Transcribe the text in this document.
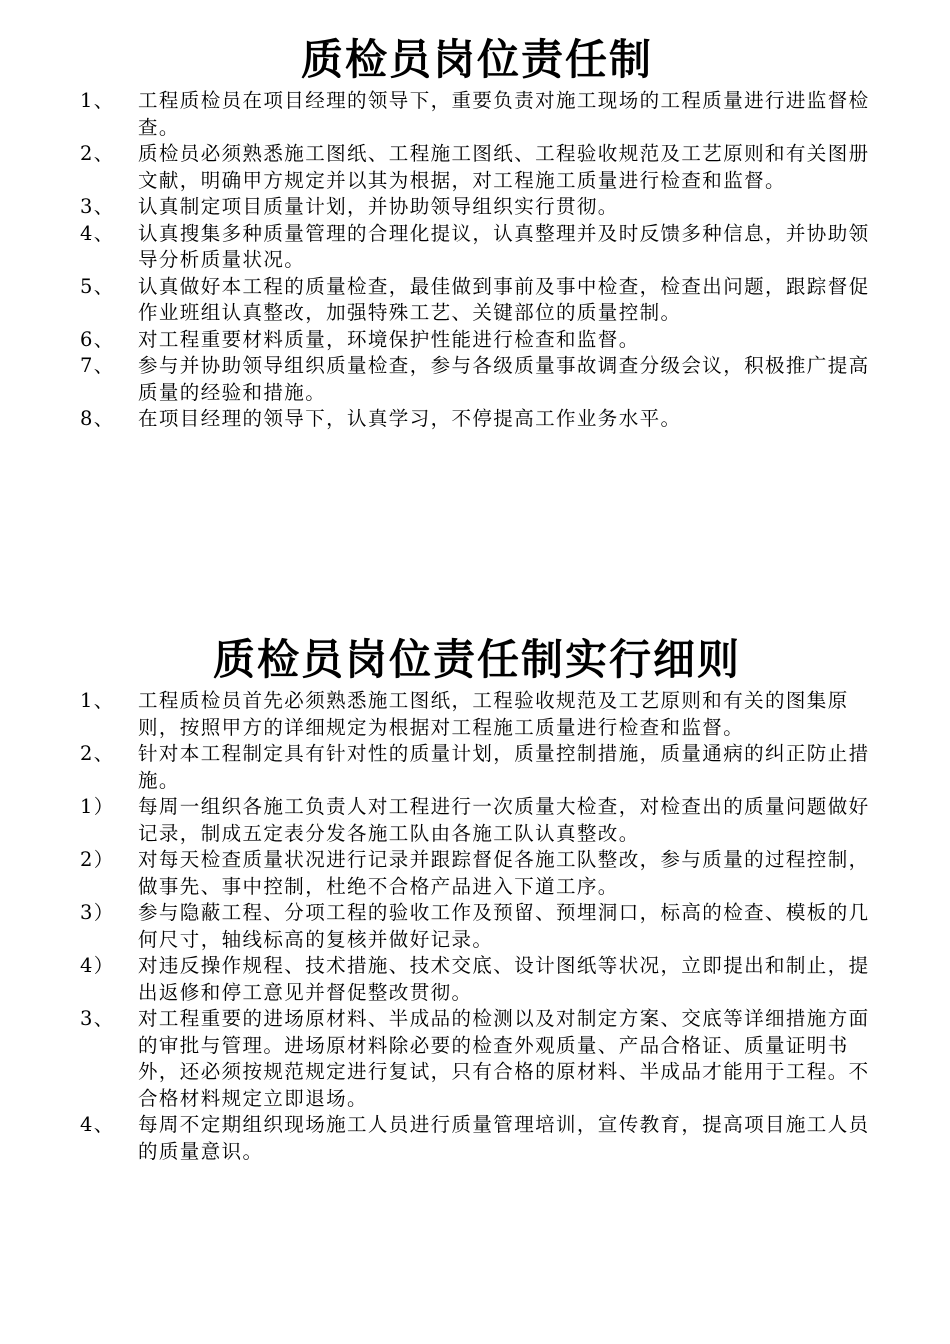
质检员岗位责任制
1、	工程质检员在项目经理的领导下，重要负责对施工现场的工程质量进行进监督检查。
2、	质检员必须熟悉施工图纸、工程施工图纸、工程验收规范及工艺原则和有关图册文献，明确甲方规定并以其为根据，对工程施工质量进行检查和监督。
3、	认真制定项目质量计划，并协助领导组织实行贯彻。
4、	认真搜集多种质量管理的合理化提议，认真整理并及时反馈多种信息，并协助领导分析质量状况。
5、	认真做好本工程的质量检查，最佳做到事前及事中检查，检查出问题，跟踪督促作业班组认真整改，加强特殊工艺、关键部位的质量控制。
6、	对工程重要材料质量，环境保护性能进行检查和监督。
7、	参与并协助领导组织质量检查，参与各级质量事故调查分级会议，积极推广提高质量的经验和措施。
8、	在项目经理的领导下，认真学习，不停提高工作业务水平。
质检员岗位责任制实行细则
1、	工程质检员首先必须熟悉施工图纸，工程验收规范及工艺原则和有关的图集原则，按照甲方的详细规定为根据对工程施工质量进行检查和监督。
2、	针对本工程制定具有针对性的质量计划，质量控制措施，质量通病的纠正防止措施。
1）	每周一组织各施工负责人对工程进行一次质量大检查，对检查出的质量问题做好记录，制成五定表分发各施工队由各施工队认真整改。
2）	对每天检查质量状况进行记录并跟踪督促各施工队整改，参与质量的过程控制，做事先、事中控制，杜绝不合格产品进入下道工序。
3）	参与隐蔽工程、分项工程的验收工作及预留、预埋洞口，标高的检查、模板的几何尺寸，轴线标高的复核并做好记录。
4）	对违反操作规程、技术措施、技术交底、设计图纸等状况，立即提出和制止，提出返修和停工意见并督促整改贯彻。
3、	对工程重要的进场原材料、半成品的检测以及对制定方案、交底等详细措施方面的审批与管理。进场原材料除必要的检查外观质量、产品合格证、质量证明书外，还必须按规范规定进行复试，只有合格的原材料、半成品才能用于工程。不合格材料规定立即退场。
4、	每周不定期组织现场施工人员进行质量管理培训，宣传教育，提高项目施工人员的质量意识。
